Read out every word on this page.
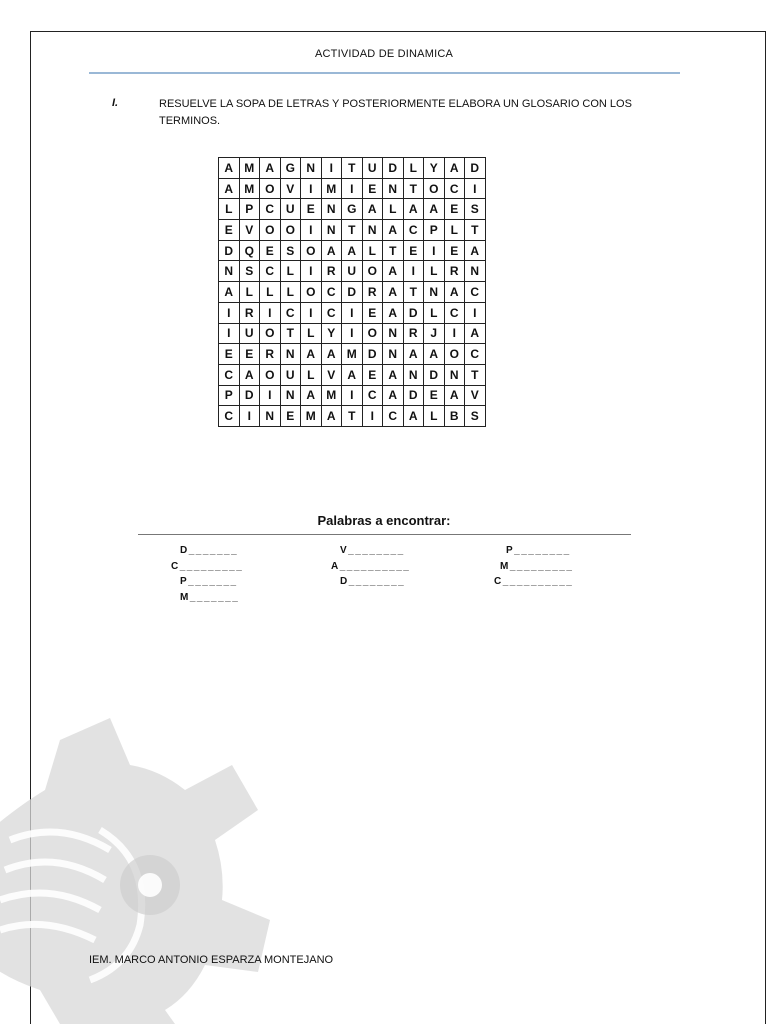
ACTIVIDAD DE DINAMICA
I.	RESUELVE LA SOPA DE LETRAS Y POSTERIORMENTE ELABORA UN GLOSARIO CON LOS TERMINOS.
A	M	A	G	N	I	T	U	D	L	Y	A	D
A	M	O	V	I	M	I	E	N	T	O	C	I
L	P	C	U	E	N	G	A	L	A	A	E	S
E	V	O	O	I	N	T	N	A	C	P	L	T
D	Q	E	S	O	A	A	L	T	E	I	E	A
N	S	C	L	I	R	U	O	A	I	L	R	N
A	L	L	L	O	C	D	R	A	T	N	A	C
I	R	I	C	I	C	I	E	A	D	L	C	I
I	U	O	T	L	Y	I	O	N	R	J	I	A
E	E	R	N	A	A	M	D	N	A	A	O	C
C	A	O	U	L	V	A	E	A	N	D	N	T
P	D	I	N	A	M	I	C	A	D	E	A	V
C	I	N	E	M	A	T	I	C	A	L	B	S
Palabras a encontrar:
D_______
C_________
P_______
M_______
V________
A__________
D________
P________
M_________
C__________
IEM. MARCO ANTONIO ESPARZA MONTEJANO
